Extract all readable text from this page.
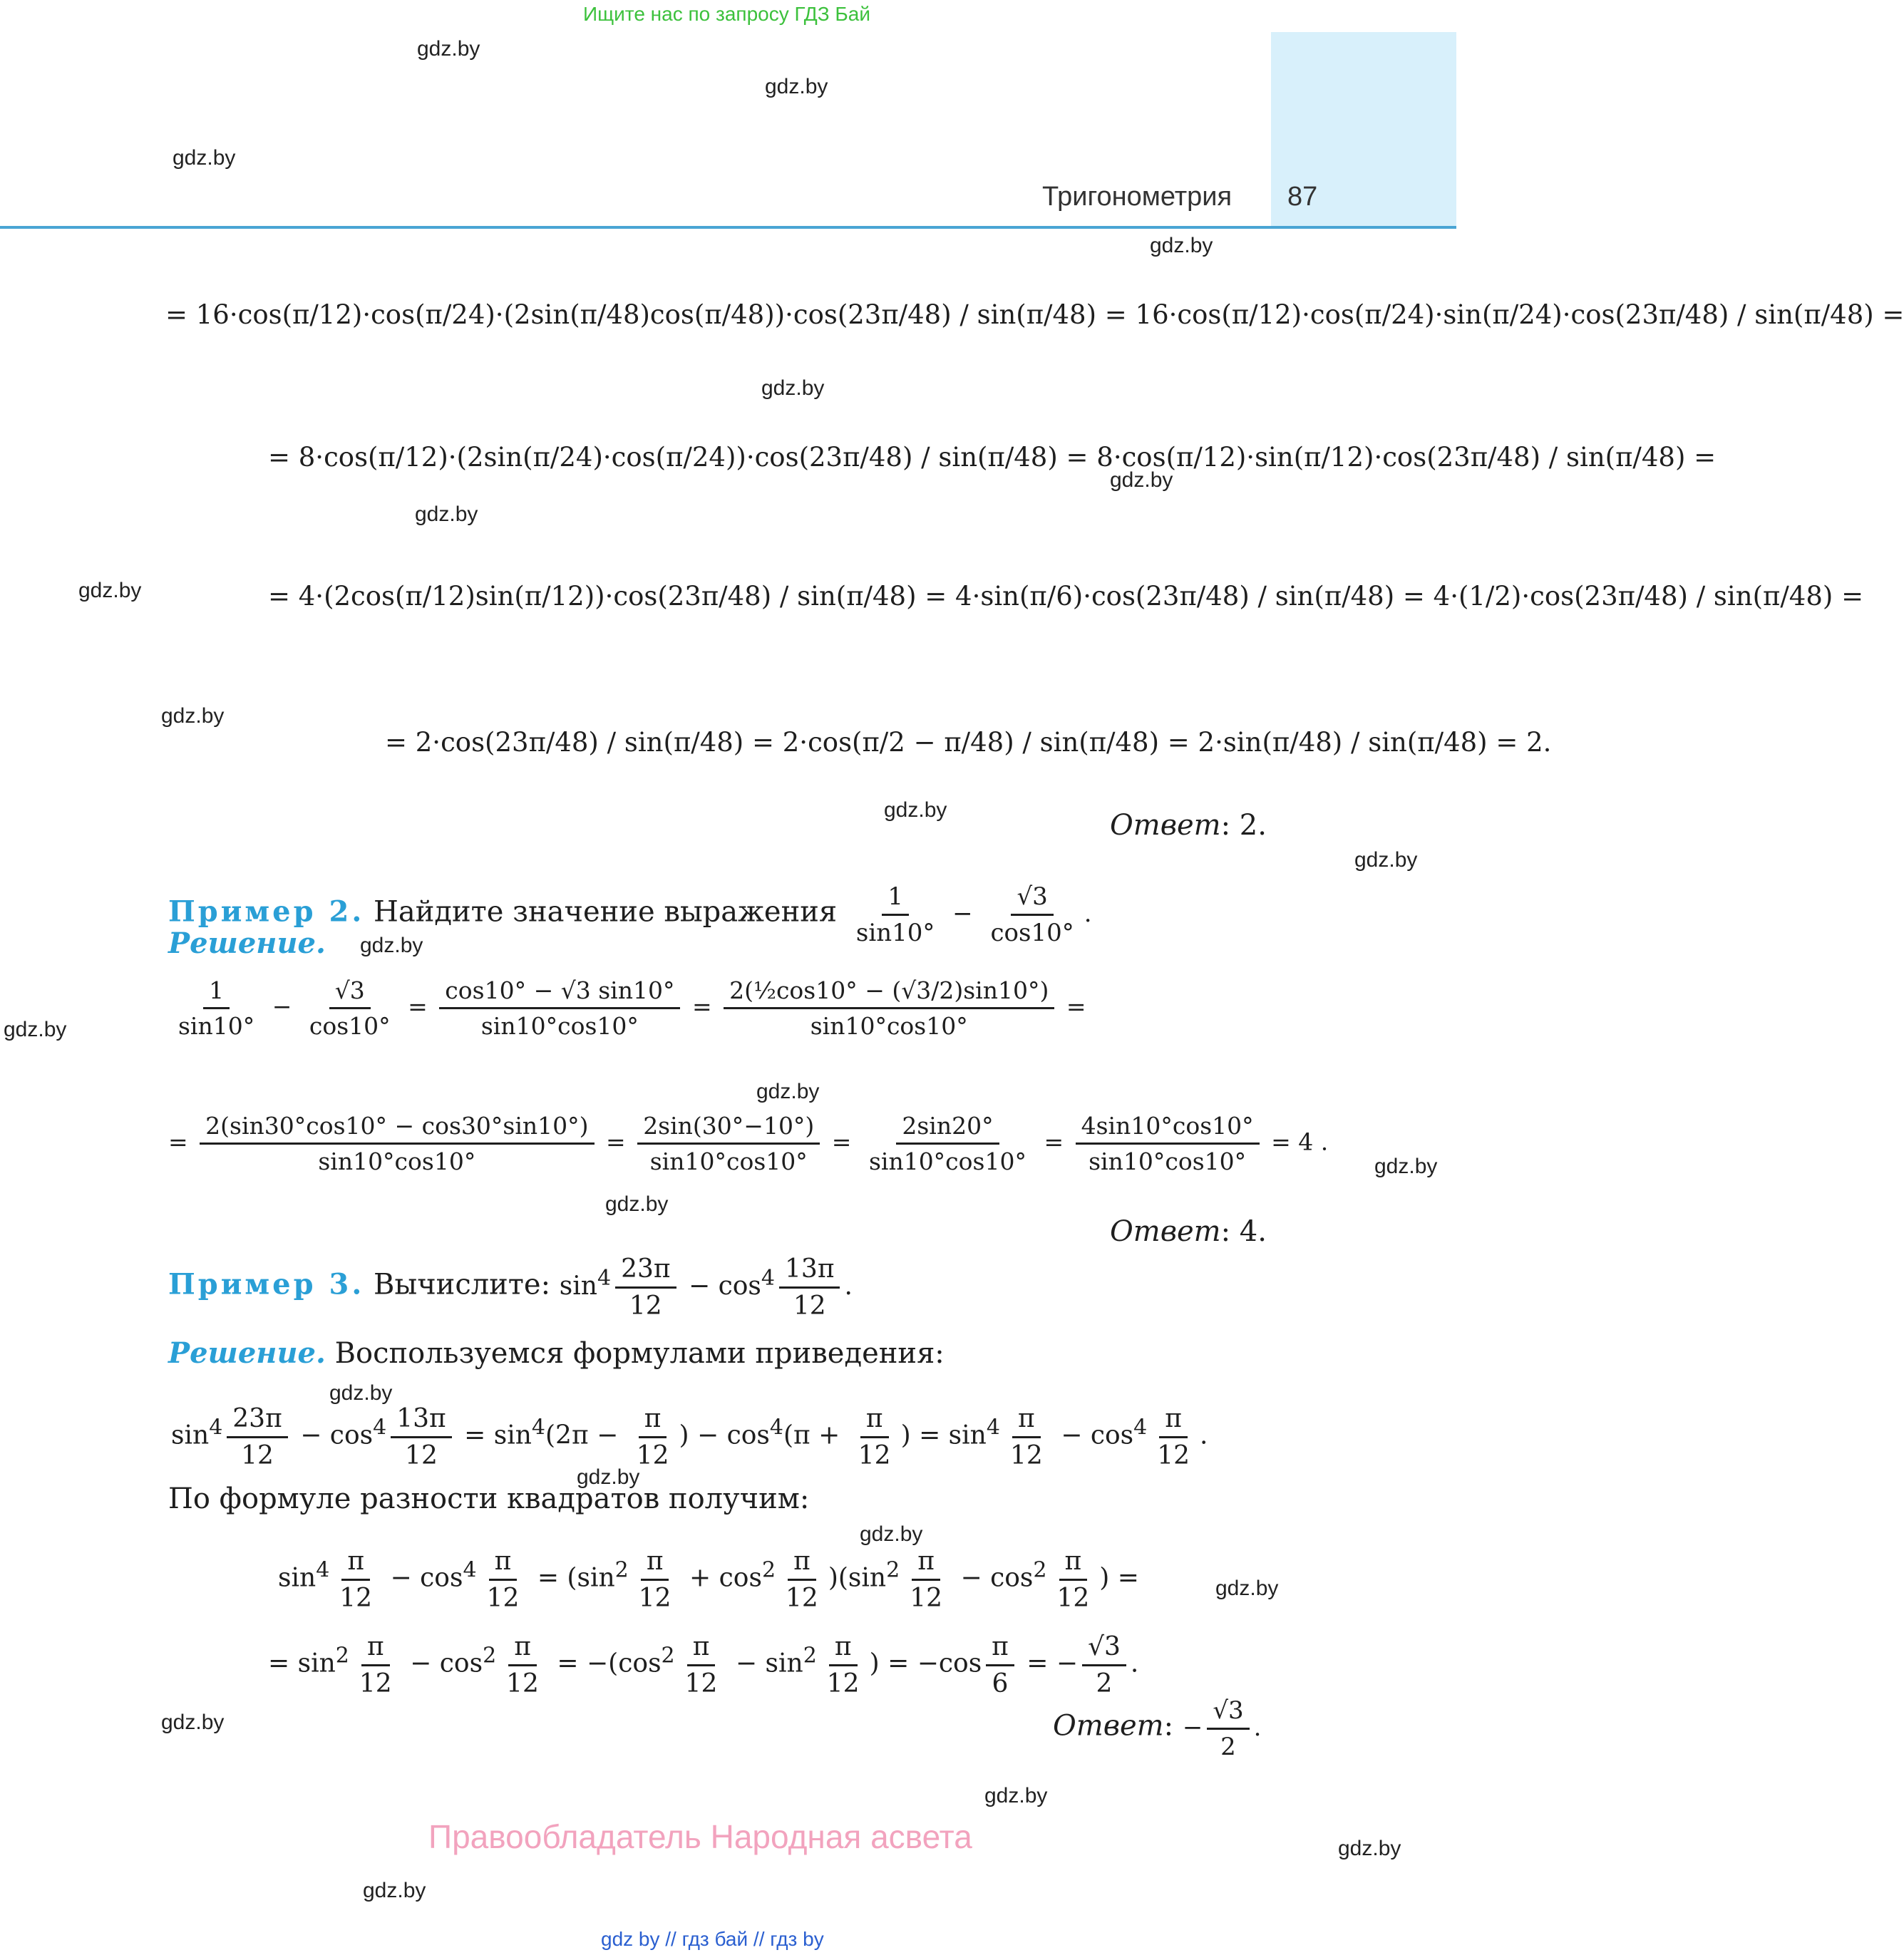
Ищите нас по запросу ГДЗ Бай
Тригонометрия 87
gdz.by
gdz.by
gdz.by
gdz.by
gdz.by
gdz.by
gdz.by
gdz.by
gdz.by
gdz.by
gdz.by
gdz.by
gdz.by
gdz.by
gdz.by
gdz.by
gdz.by
gdz.by
gdz.by
gdz.by
gdz.by
gdz.by
gdz.by
gdz.by
= 16·cos(π/12)·cos(π/24)·(2sin(π/48)cos(π/48))·cos(23π/48) / sin(π/48) = 16·cos(π/12)·cos(π/24)·sin(π/24)·cos(23π/48) / sin(π/48) =
= 8·cos(π/12)·(2sin(π/24)·cos(π/24))·cos(23π/48) / sin(π/48) = 8·cos(π/12)·sin(π/12)·cos(23π/48) / sin(π/48) =
= 4·(2cos(π/12)sin(π/12))·cos(23π/48) / sin(π/48) = 4·sin(π/6)·cos(23π/48) / sin(π/48) = 4·(1/2)·cos(23π/48) / sin(π/48) =
= 2·cos(23π/48) / sin(π/48) = 2·cos(π/2 − π/48) / sin(π/48) = 2·sin(π/48) / sin(π/48) = 2.
Ответ: 2.
Пример 2. Найдите значение выражения $\frac{1}{\sin 10^\circ} - \frac{√3}{\cos 10^\circ}$ .
Решение.
$\frac{1}{\sin 10^\circ} - \frac{√3}{\cos 10^\circ} = \frac{\cos 10^\circ - √3 \sin 10^\circ}{\sin 10^\circ\cos 10^\circ} = \frac{\text{2(½cos10° − (√3/2)sin10°)}}{\sin 10^\circ\cos 10^\circ}$ =
= $\frac{2(\sin 30^\circ\cos 10^\circ - \cos 30^\circ\sin 10^\circ)}{\sin 10^\circ\cos 10^\circ} = \frac{2\sin(30^\circ-10^\circ)}{\sin 10^\circ\cos 10^\circ} = \frac{2\sin 20^\circ}{\sin 10^\circ\cos 10^\circ} = \frac{4\sin 10^\circ\cos 10^\circ}{\sin 10^\circ\cos 10^\circ} = 4$ .
Ответ: 4.
Пример 3. Вычислите: $\sin^4 \frac{23\pi}{12} - \cos^4 \frac{13\pi}{12}$ .
Решение. Воспользуемся формулами приведения:
$\sin^4 \frac{23\pi}{12} - \cos^4 \frac{13\pi}{12} = \sin^4(2\pi - \frac{\pi}{12}$ ) − $\cos^4(\pi + \frac{\pi}{12}$ ) = $\sin^4 \frac{\pi}{12} - \cos^4 \frac{\pi}{12}$ .
По формуле разности квадратов получим:
$\sin^4 \frac{\pi}{12} - \cos^4 \frac{\pi}{12} = (\sin^2 \frac{\pi}{12} + \cos^2 \frac{\pi}{12} )(\sin^2 \frac{\pi}{12} - \cos^2 \frac{\pi}{12}$ ) =
= $\sin^2 \frac{\pi}{12} - \cos^2 \frac{\pi}{12} = -(\cos^2 \frac{\pi}{12} - \sin^2 \frac{\pi}{12}$ ) = $-\cos \frac{\pi}{6}$ = − $\frac{√3}{2}$ .
Ответ: − $\frac{√3}{2}$ .
Правообладатель Народная асвета
gdz by // гдз бай // гдз by
